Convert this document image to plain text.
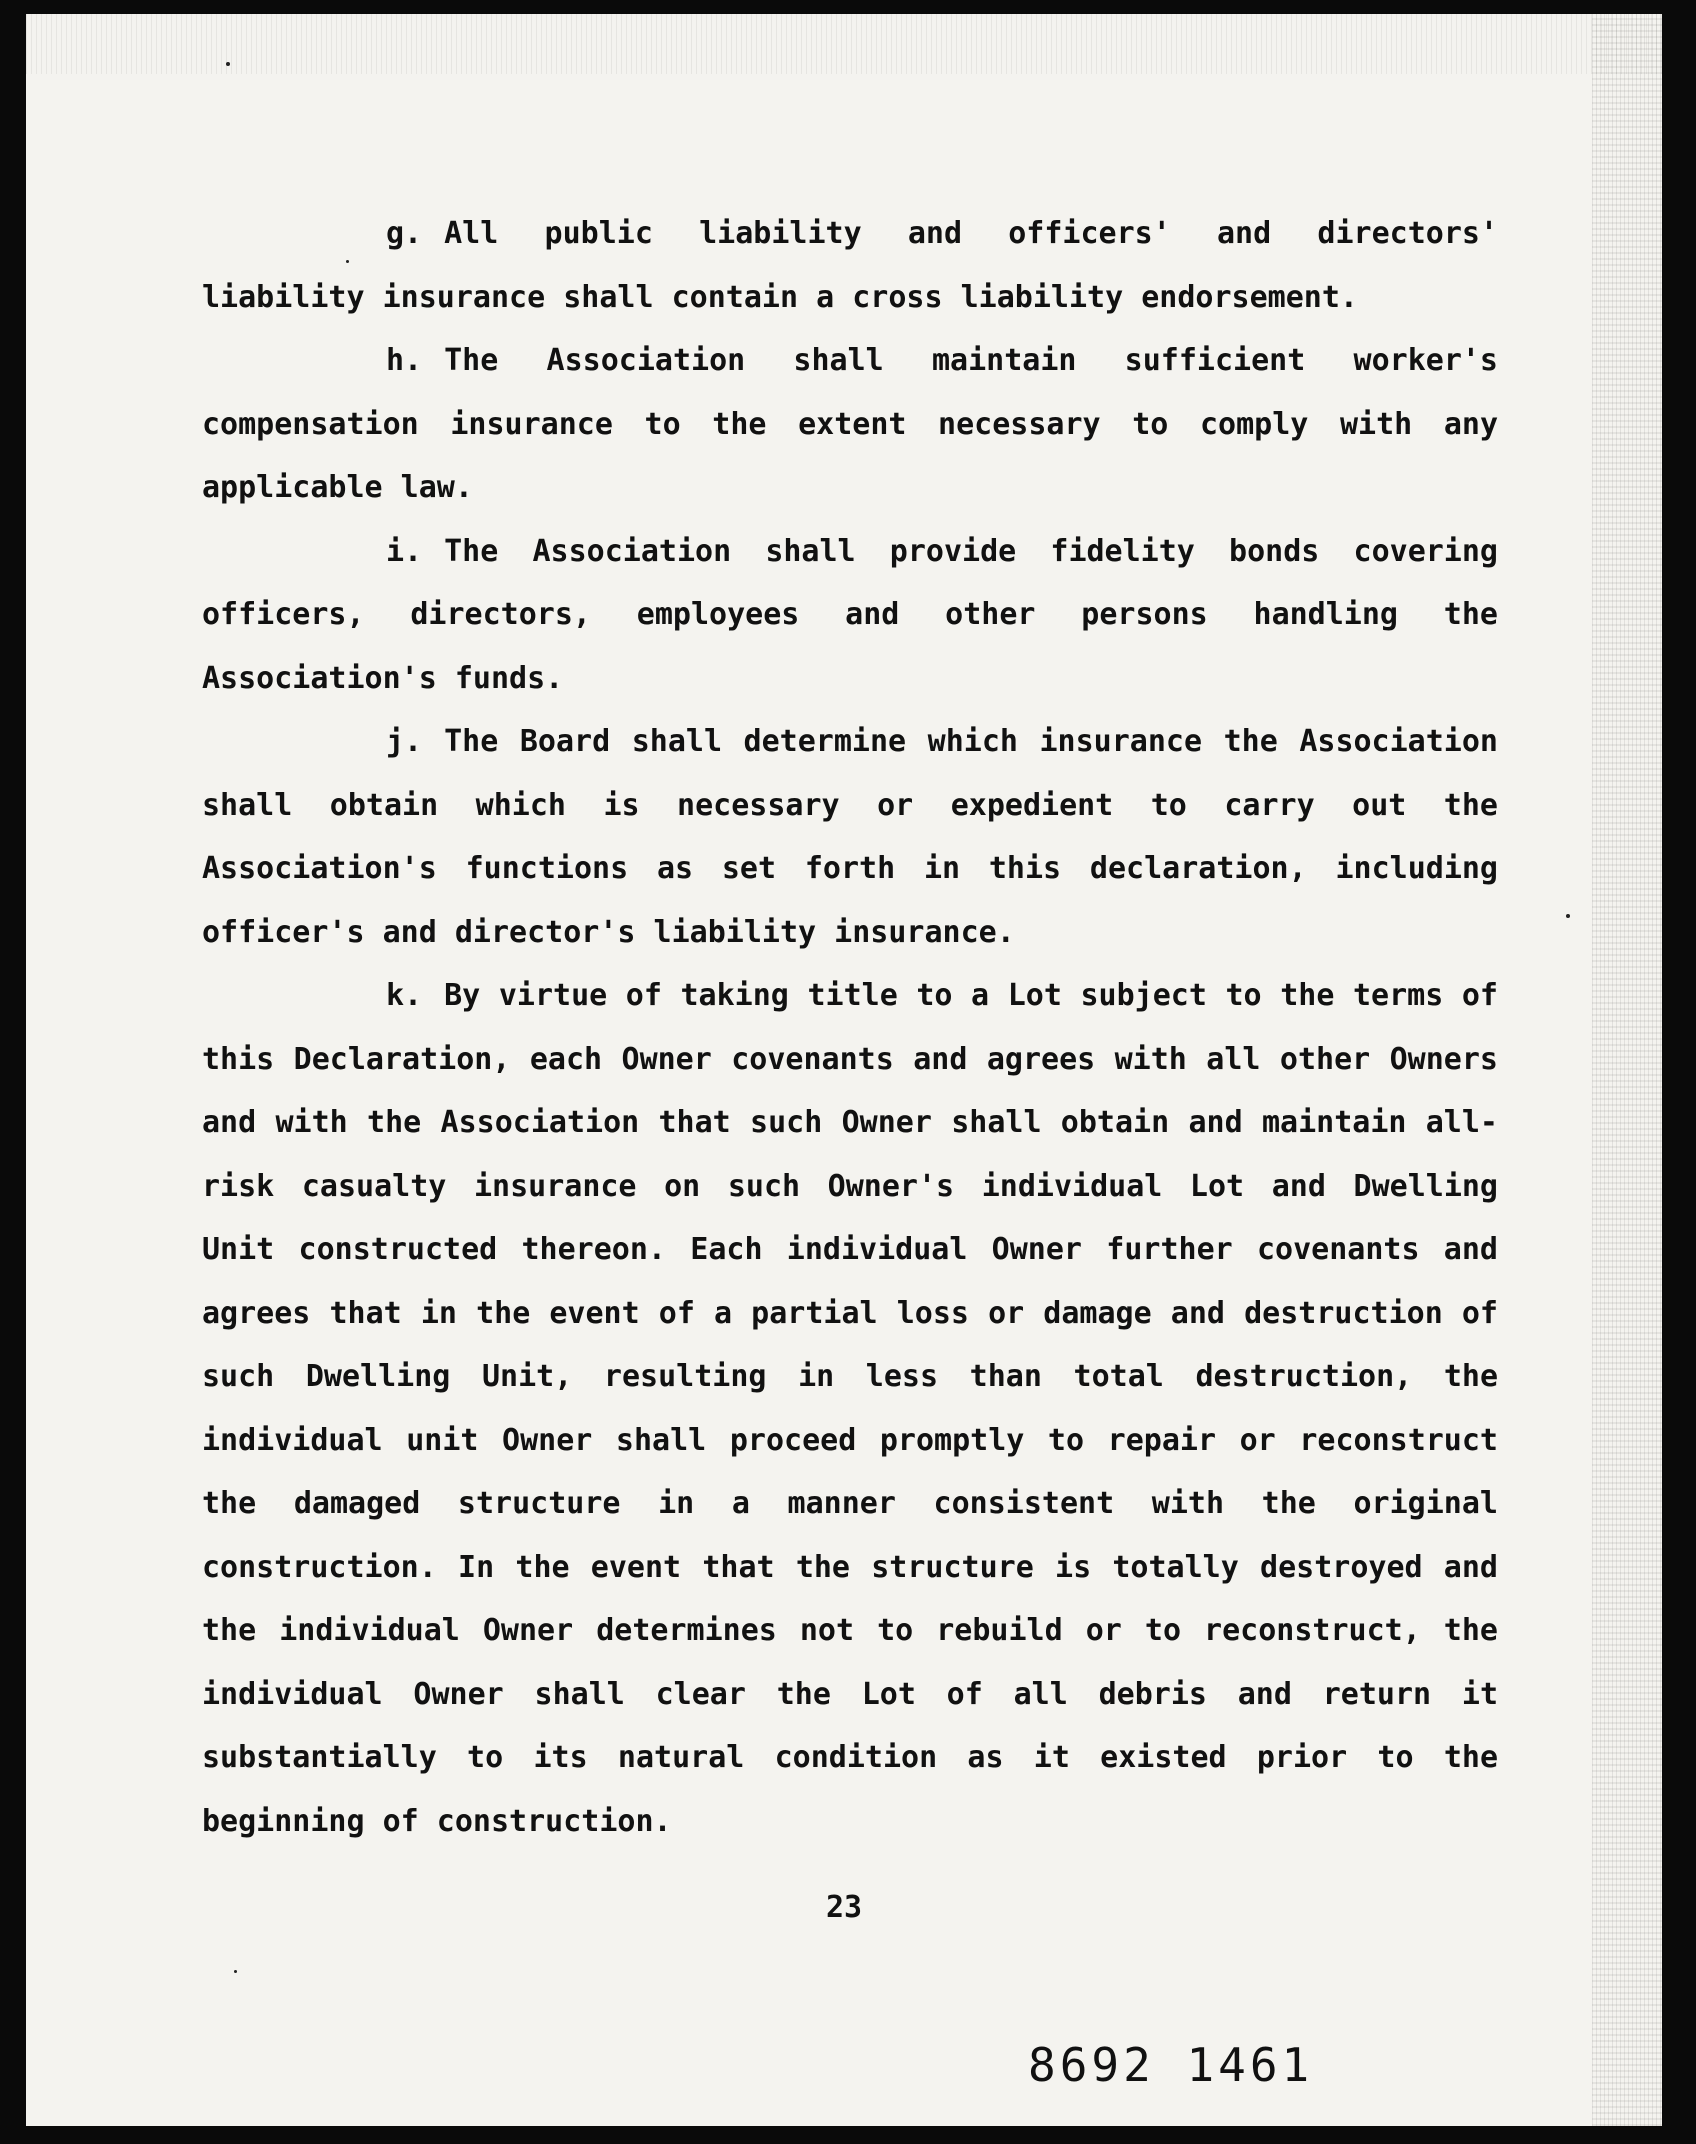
g. All public liability and officers' and directors' liability insurance shall contain a cross liability endorsement.

h. The Association shall maintain sufficient worker's compensation insurance to the extent necessary to comply with any applicable law.

i. The Association shall provide fidelity bonds covering officers, directors, employees and other persons handling the Association's funds.

j. The Board shall determine which insurance the Association shall obtain which is necessary or expedient to carry out the Association's functions as set forth in this declaration, including officer's and director's liability insurance.

k. By virtue of taking title to a Lot subject to the terms of this Declaration, each Owner covenants and agrees with all other Owners and with the Association that such Owner shall obtain and maintain all-risk casualty insurance on such Owner's individual Lot and Dwelling Unit constructed thereon. Each individual Owner further covenants and agrees that in the event of a partial loss or damage and destruction of such Dwelling Unit, resulting in less than total destruction, the individual unit Owner shall proceed promptly to repair or reconstruct the damaged structure in a manner consistent with the original construction. In the event that the structure is totally destroyed and the individual Owner determines not to rebuild or to reconstruct, the individual Owner shall clear the Lot of all debris and return it substantially to its natural condition as it existed prior to the beginning of construction.

23
8692 1461
